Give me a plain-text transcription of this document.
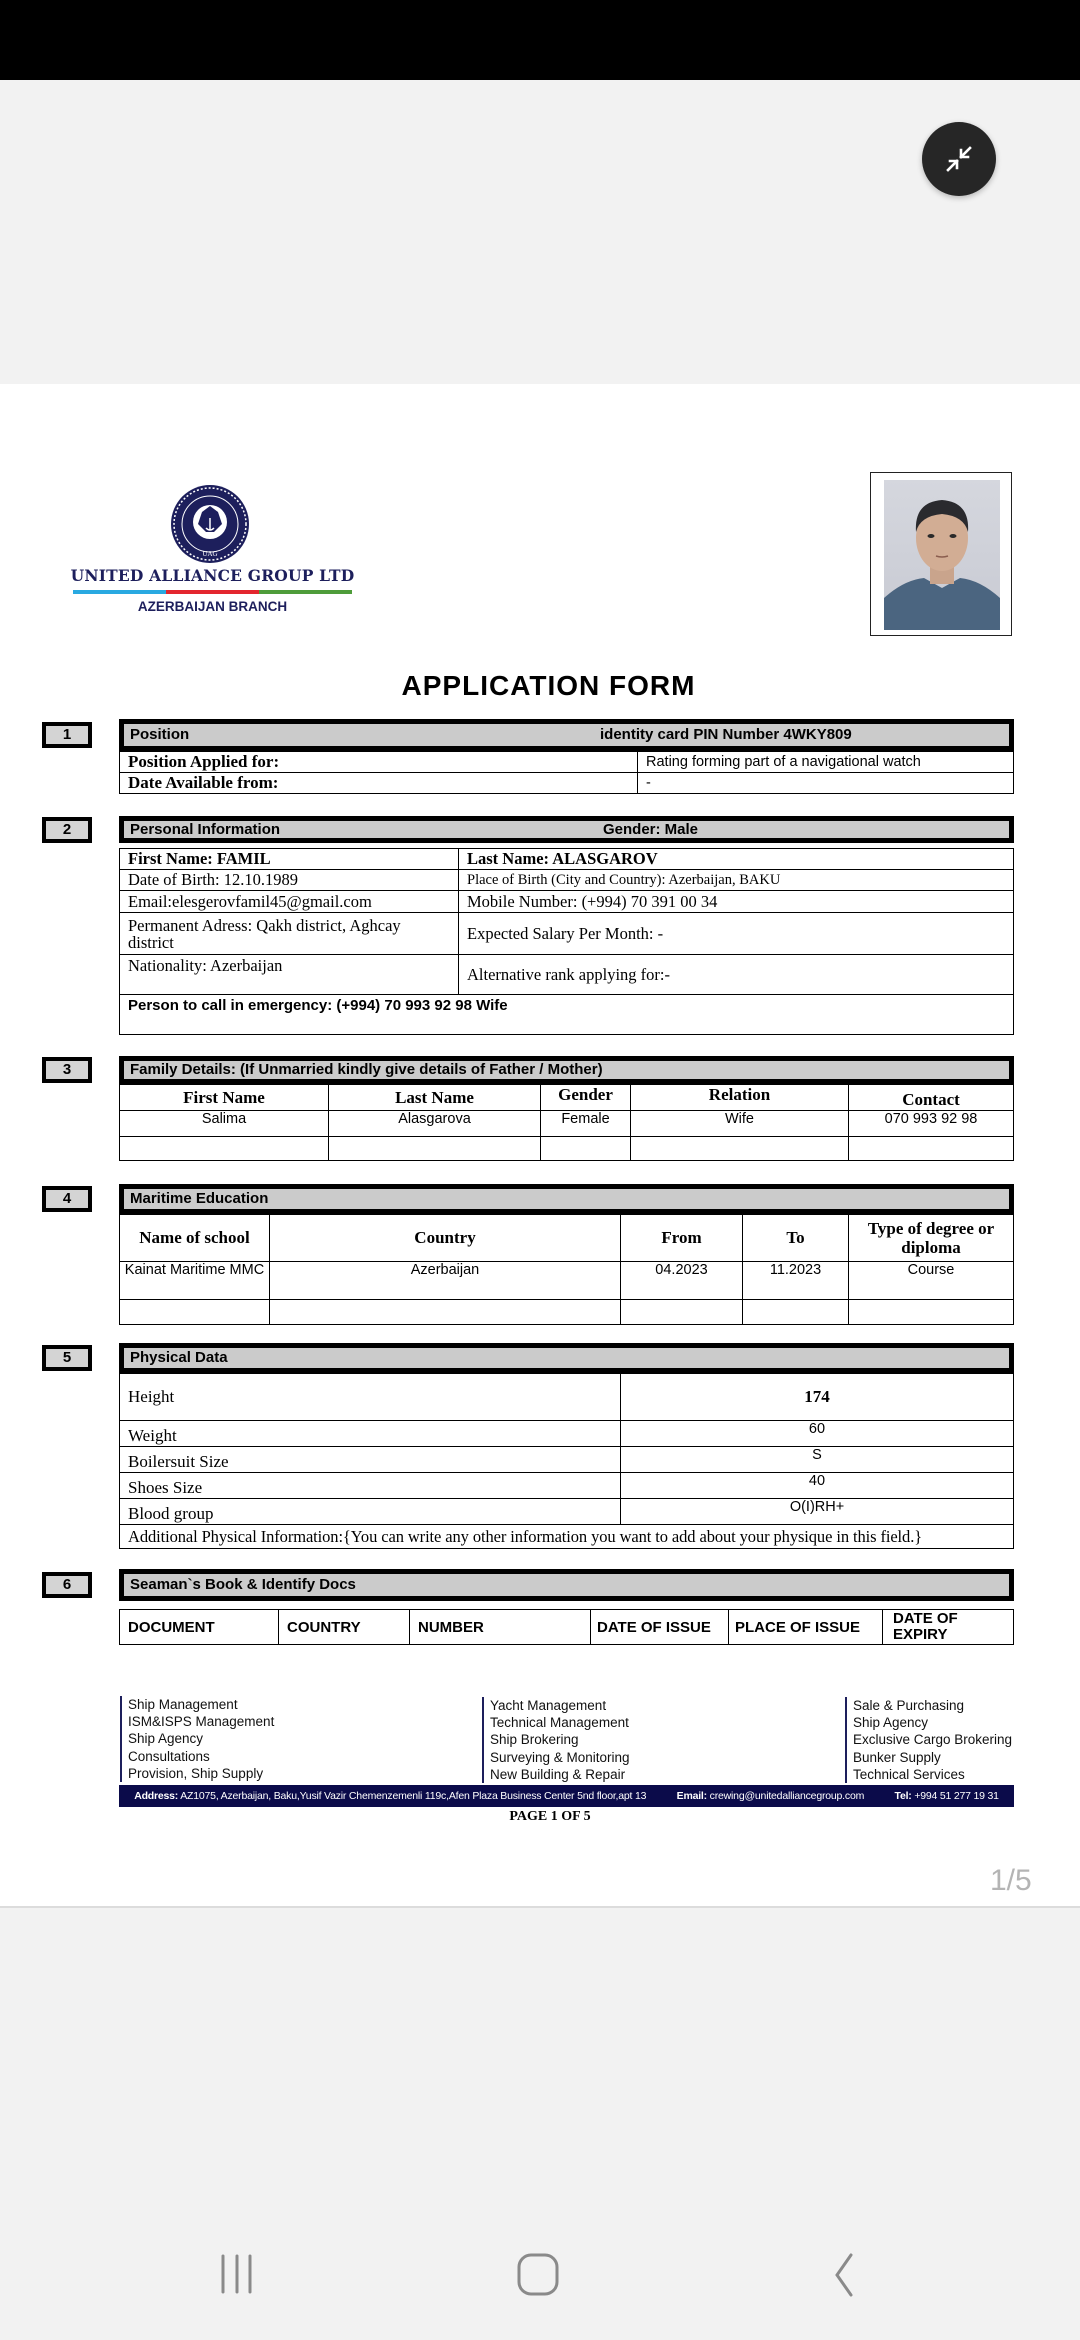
UAG
UNITED ALLIANCE GROUP LTD
AZERBAIJAN BRANCH
APPLICATION FORM
1	Position	identity card PIN Number 4WKY809
Position Applied for:	Rating forming part of a navigational watch
Date Available from:	-
2	Personal Information	Gender: Male
First Name: FAMIL	Last Name: ALASGAROV
Date of Birth: 12.10.1989	Place of Birth (City and Country): Azerbaijan, BAKU
Email:elesgerovfamil45@gmail.com	Mobile Number: (+994) 70 391 00 34
Permanent Adress: Qakh district, Aghcay district	Expected Salary Per Month: -
Nationality: Azerbaijan	Alternative rank applying for:-
Person to call in emergency: (+994) 70 993 92 98 Wife	
3	Family Details: (If Unmarried kindly give details of Father / Mother)
First Name	Last Name	Gender	Relation	Contact
Salima	Alasgarova	Female	Wife	070 993 92 98

4	Maritime Education
Name of school	Country	From	To	Type of degree or diploma
Kainat Maritime MMC	Azerbaijan	04.2023	11.2023	Course

5	Physical Data
Height	174
Weight	60
Boilersuit Size	S
Shoes Size	40
Blood group	O(I)RH+
Additional Physical Information:{You can write any other information you want to add about your physique in this field.}	
6	Seaman`s Book & Identify Docs
DOCUMENT	COUNTRY	NUMBER	DATE OF ISSUE	PLACE OF ISSUE	DATE OF EXPIRY
Ship Management
ISM&ISPS Management
Ship Agency
Consultations
Provision, Ship Supply
Yacht Management
Technical Management
Ship Brokering
Surveying & Monitoring
New Building & Repair
Sale & Purchasing
Ship Agency
Exclusive Cargo Brokering
Bunker Supply
Technical Services
Address: AZ1075, Azerbaijan, Baku,Yusif Vazir Chemenzemenli 119c,Afen Plaza Business Center 5nd floor,apt 13	Email: crewing@unitedalliancegroup.com	Tel: +994 51 277 19 31
PAGE 1 OF 5
1/5
